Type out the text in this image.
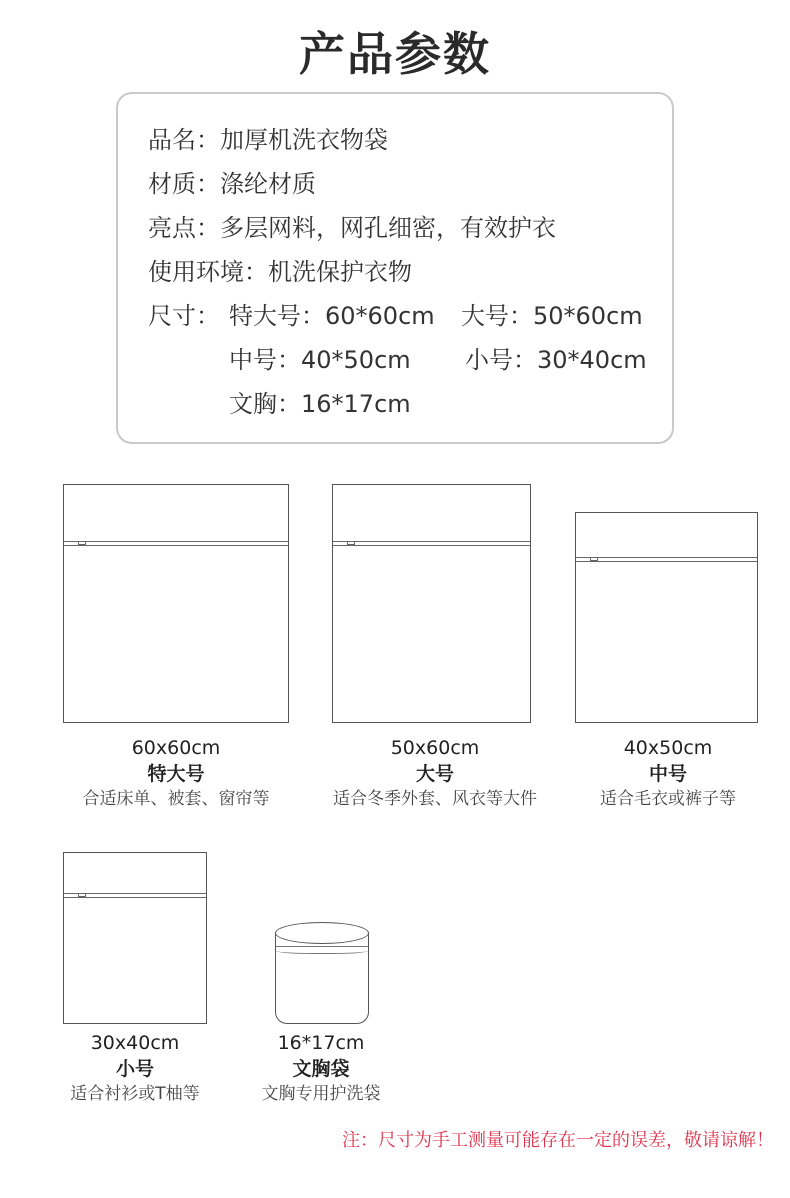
产品参数
品名：加厚机洗衣物袋
材质：涤纶材质
亮点：多层网料，网孔细密，有效护衣
使用环境：机洗保护衣物
尺寸： 特大号：60*60cm 大号：50*60cm
中号：40*50cm 小号：30*40cm
文胸：16*17cm
60x60cm
特大号
合适床单、被套、窗帘等
50x60cm
大号
适合冬季外套、风衣等大件
40x50cm
中号
适合毛衣或裤子等
30x40cm
小号
适合衬衫或T柚等
16*17cm
文胸袋
文胸专用护洗袋
注：尺寸为手工测量可能存在一定的误差，敬请谅解！
